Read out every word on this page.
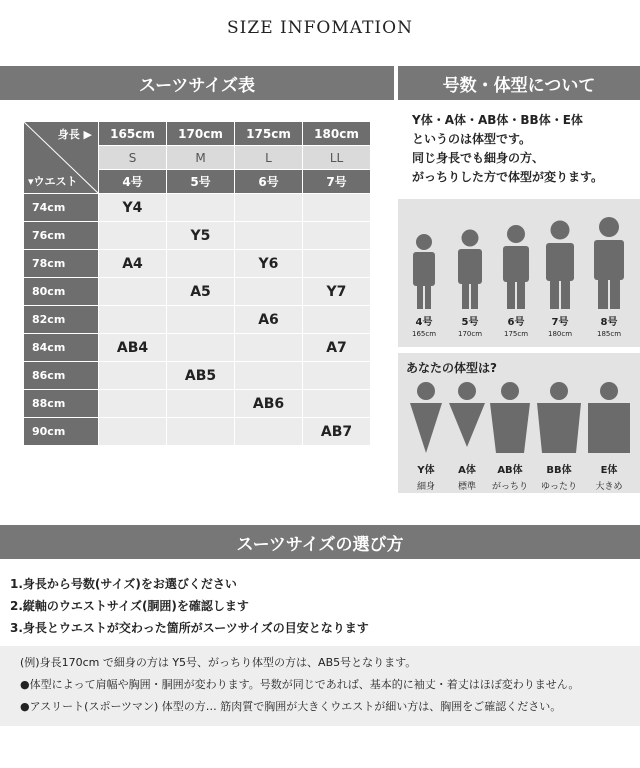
SIZE INFOMATION
スーツサイズ表	号数・体型について
身長 ▶
▾ウエスト	165cm	170cm	175cm	180cm
	S	M	L	LL
	4号	5号	6号	7号
74cm	Y4			
76cm		Y5		
78cm	A4		Y6	
80cm		A5		Y7
82cm			A6	
84cm	AB4			A7
86cm		AB5		
88cm			AB6	
90cm				AB7
Y体・A体・AB体・BB体・E体
というのは体型です。
同じ身長でも細身の方、
がっちりした方で体型が変ります。
4号
165cm
5号
170cm
6号
175cm
7号
180cm
8号
185cm
あなたの体型は?
Y体
細身
A体
標準
AB体
がっちり
BB体
ゆったり
E体
大きめ
スーツサイズの選び方
1.身長から号数(サイズ)をお選びください
2.縦軸のウエストサイズ(胴囲)を確認します
3.身長とウエストが交わった箇所がスーツサイズの目安となります
(例)身長170cm で細身の方は Y5号、がっちり体型の方は、AB5号となります。
●体型によって肩幅や胸囲・胴囲が変わります。号数が同じであれば、基本的に袖丈・着丈はほぼ変わりません。
●アスリート(スポーツマン) 体型の方… 筋肉質で胸囲が大きくウエストが細い方は、胸囲をご確認ください。
